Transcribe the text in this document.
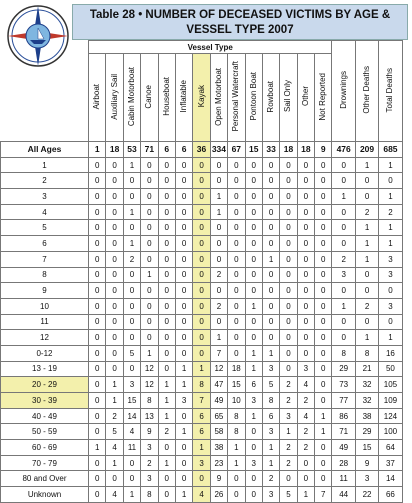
Table 28 • NUMBER OF DECEASED VICTIMS BY AGE &
VESSEL TYPE 2007
	Vessel Type														Drownings	Other Deaths	Total Deaths
	Airboat	Auxiliary Sail	Cabin Motorboat	Canoe	Houseboat	Inflatable	Kayak	Open Motorboat	Personal Watercraft	Pontoon Boat	Rowboat	Sail Only	Other	Not Reported			
All Ages	1	18	53	71	6	6	36	334	67	15	33	18	18	9	476	209	685
1	0	0	1	0	0	0	0	0	0	0	0	0	0	0	0	1	1
2	0	0	0	0	0	0	0	0	0	0	0	0	0	0	0	0	0
3	0	0	0	0	0	0	0	1	0	0	0	0	0	0	1	0	1
4	0	0	1	0	0	0	0	1	0	0	0	0	0	0	0	2	2
5	0	0	0	0	0	0	0	0	0	0	0	0	0	0	0	1	1
6	0	0	1	0	0	0	0	0	0	0	0	0	0	0	0	1	1
7	0	0	2	0	0	0	0	0	0	0	1	0	0	0	2	1	3
8	0	0	0	1	0	0	0	2	0	0	0	0	0	0	3	0	3
9	0	0	0	0	0	0	0	0	0	0	0	0	0	0	0	0	0
10	0	0	0	0	0	0	0	2	0	1	0	0	0	0	1	2	3
11	0	0	0	0	0	0	0	0	0	0	0	0	0	0	0	0	0
12	0	0	0	0	0	0	0	1	0	0	0	0	0	0	0	1	1
0-12	0	0	5	1	0	0	0	7	0	1	1	0	0	0	8	8	16
13 - 19	0	0	0	12	0	1	1	12	18	1	3	0	3	0	29	21	50
20 - 29	0	1	3	12	1	1	8	47	15	6	5	2	4	0	73	32	105
30 - 39	0	1	15	8	1	3	7	49	10	3	8	2	2	0	77	32	109
40 - 49	0	2	14	13	1	0	6	65	8	1	6	3	4	1	86	38	124
50 - 59	0	5	4	9	2	1	6	58	8	0	3	1	2	1	71	29	100
60 - 69	1	4	11	3	0	0	1	38	1	0	1	2	2	0	49	15	64
70 - 79	0	1	0	2	1	0	3	23	1	3	1	2	0	0	28	9	37
80 and Over	0	0	0	3	0	0	0	9	0	0	2	0	0	0	11	3	14
Unknown	0	4	1	8	0	1	4	26	0	0	3	5	1	7	44	22	66
